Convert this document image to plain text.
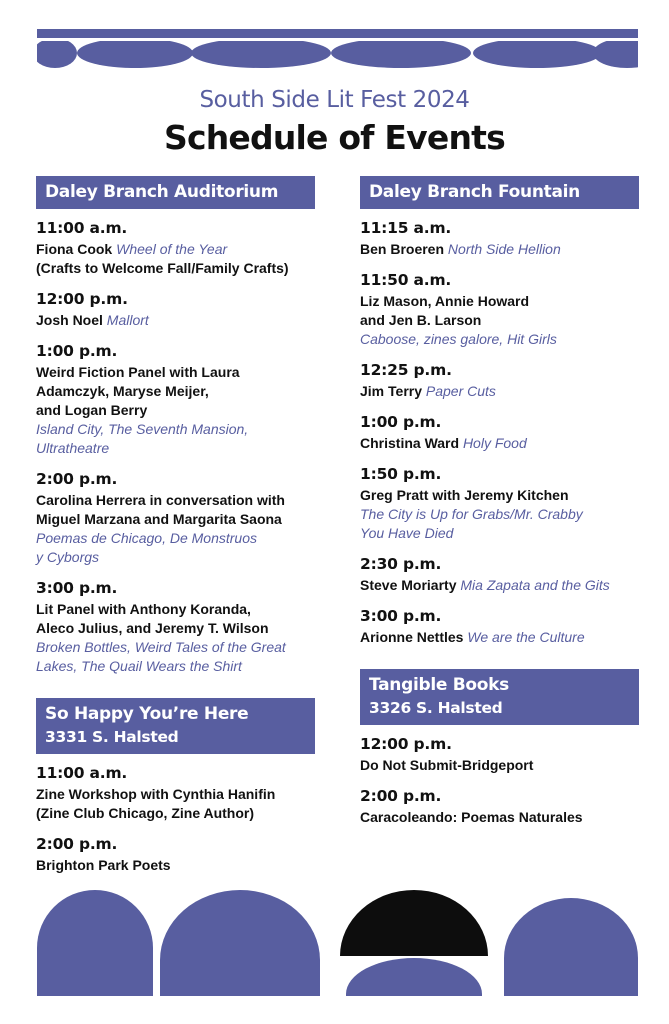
South Side Lit Fest 2024
Schedule of Events
Daley Branch Auditorium
11:00 a.m.
Fiona Cook Wheel of the Year
(Crafts to Welcome Fall/Family Crafts)
12:00 p.m.
Josh Noel Mallort
1:00 p.m.
Weird Fiction Panel with Laura
Adamczyk, Maryse Meijer,
and Logan Berry
Island City, The Seventh Mansion,
Ultratheatre
2:00 p.m.
Carolina Herrera in conversation with
Miguel Marzana and Margarita Saona
Poemas de Chicago, De Monstruos
y Cyborgs
3:00 p.m.
Lit Panel with Anthony Koranda,
Aleco Julius, and Jeremy T. Wilson
Broken Bottles, Weird Tales of the Great
Lakes, The Quail Wears the Shirt
So Happy You’re Here
3331 S. Halsted
11:00 a.m.
Zine Workshop with Cynthia Hanifin
(Zine Club Chicago, Zine Author)
2:00 p.m.
Brighton Park Poets
Daley Branch Fountain
11:15 a.m.
Ben Broeren North Side Hellion
11:50 a.m.
Liz Mason, Annie Howard
and Jen B. Larson
Caboose, zines galore, Hit Girls
12:25 p.m.
Jim Terry Paper Cuts
1:00 p.m.
Christina Ward Holy Food
1:50 p.m.
Greg Pratt with Jeremy Kitchen
The City is Up for Grabs/Mr. Crabby
You Have Died
2:30 p.m.
Steve Moriarty Mia Zapata and the Gits
3:00 p.m.
Arionne Nettles We are the Culture
Tangible Books
3326 S. Halsted
12:00 p.m.
Do Not Submit-Bridgeport
2:00 p.m.
Caracoleando: Poemas Naturales
